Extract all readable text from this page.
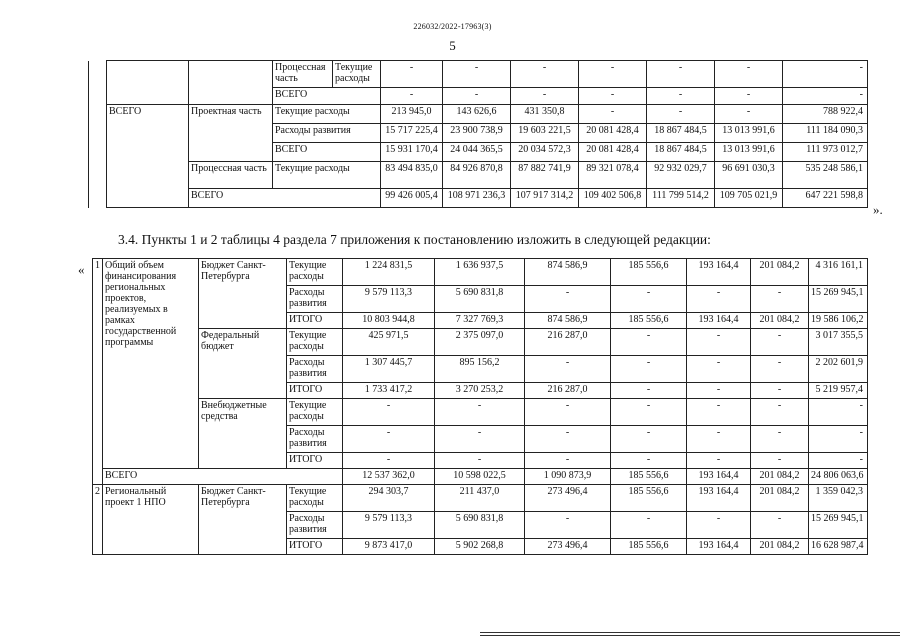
226032/2022-17963(3)
5
			Процессная часть	Текущие расходы	-	-	-	-	-	-	-
			ВСЕГО		-	-	-	-	-	-	-
	ВСЕГО	Проектная часть	Текущие расходы		213 945,0	143 626,6	431 350,8	-	-	-	788 922,4
			Расходы развития		15 717 225,4	23 900 738,9	19 603 221,5	20 081 428,4	18 867 484,5	13 013 991,6	111 184 090,3
			ВСЕГО		15 931 170,4	24 044 365,5	20 034 572,3	20 081 428,4	18 867 484,5	13 013 991,6	111 973 012,7
		Процессная часть	Текущие расходы		83 494 835,0	84 926 870,8	87 882 741,9	89 321 078,4	92 932 029,7	96 691 030,3	535 248 586,1
		ВСЕГО			99 426 005,4	108 971 236,3	107 917 314,2	109 402 506,8	111 799 514,2	109 705 021,9	647 221 598,8
».
3.4. Пункты 1 и 2 таблицы 4 раздела 7 приложения к постановлению изложить в следующей редакции:
« 1	Общий объем финансирования региональных проектов, реализуемых в рамках государственной программы	Бюджет Санкт-Петербурга	Текущие расходы	1 224 831,5	1 636 937,5	874 586,9	185 556,6	193 164,4	201 084,2	4 316 161,1
			Расходы развития	9 579 113,3	5 690 831,8	-	-	-	-	15 269 945,1
			ИТОГО	10 803 944,8	7 327 769,3	874 586,9	185 556,6	193 164,4	201 084,2	19 586 106,2
		Федеральный бюджет	Текущие расходы	425 971,5	2 375 097,0	216 287,0	-	-	-	3 017 355,5
			Расходы развития	1 307 445,7	895 156,2	-	-	-	-	2 202 601,9
			ИТОГО	1 733 417,2	3 270 253,2	216 287,0	-	-	-	5 219 957,4
		Внебюджетные средства	Текущие расходы	-	-	-	-	-	-	-
			Расходы развития	-	-	-	-	-	-	-
			ИТОГО	-	-	-	-	-	-	-
	ВСЕГО			12 537 362,0	10 598 022,5	1 090 873,9	185 556,6	193 164,4	201 084,2	24 806 063,6
2	Региональный проект 1 НПО	Бюджет Санкт-Петербурга	Текущие расходы	294 303,7	211 437,0	273 496,4	185 556,6	193 164,4	201 084,2	1 359 042,3
			Расходы развития	9 579 113,3	5 690 831,8	-	-	-	-	15 269 945,1
			ИТОГО	9 873 417,0	5 902 268,8	273 496,4	185 556,6	193 164,4	201 084,2	16 628 987,4
